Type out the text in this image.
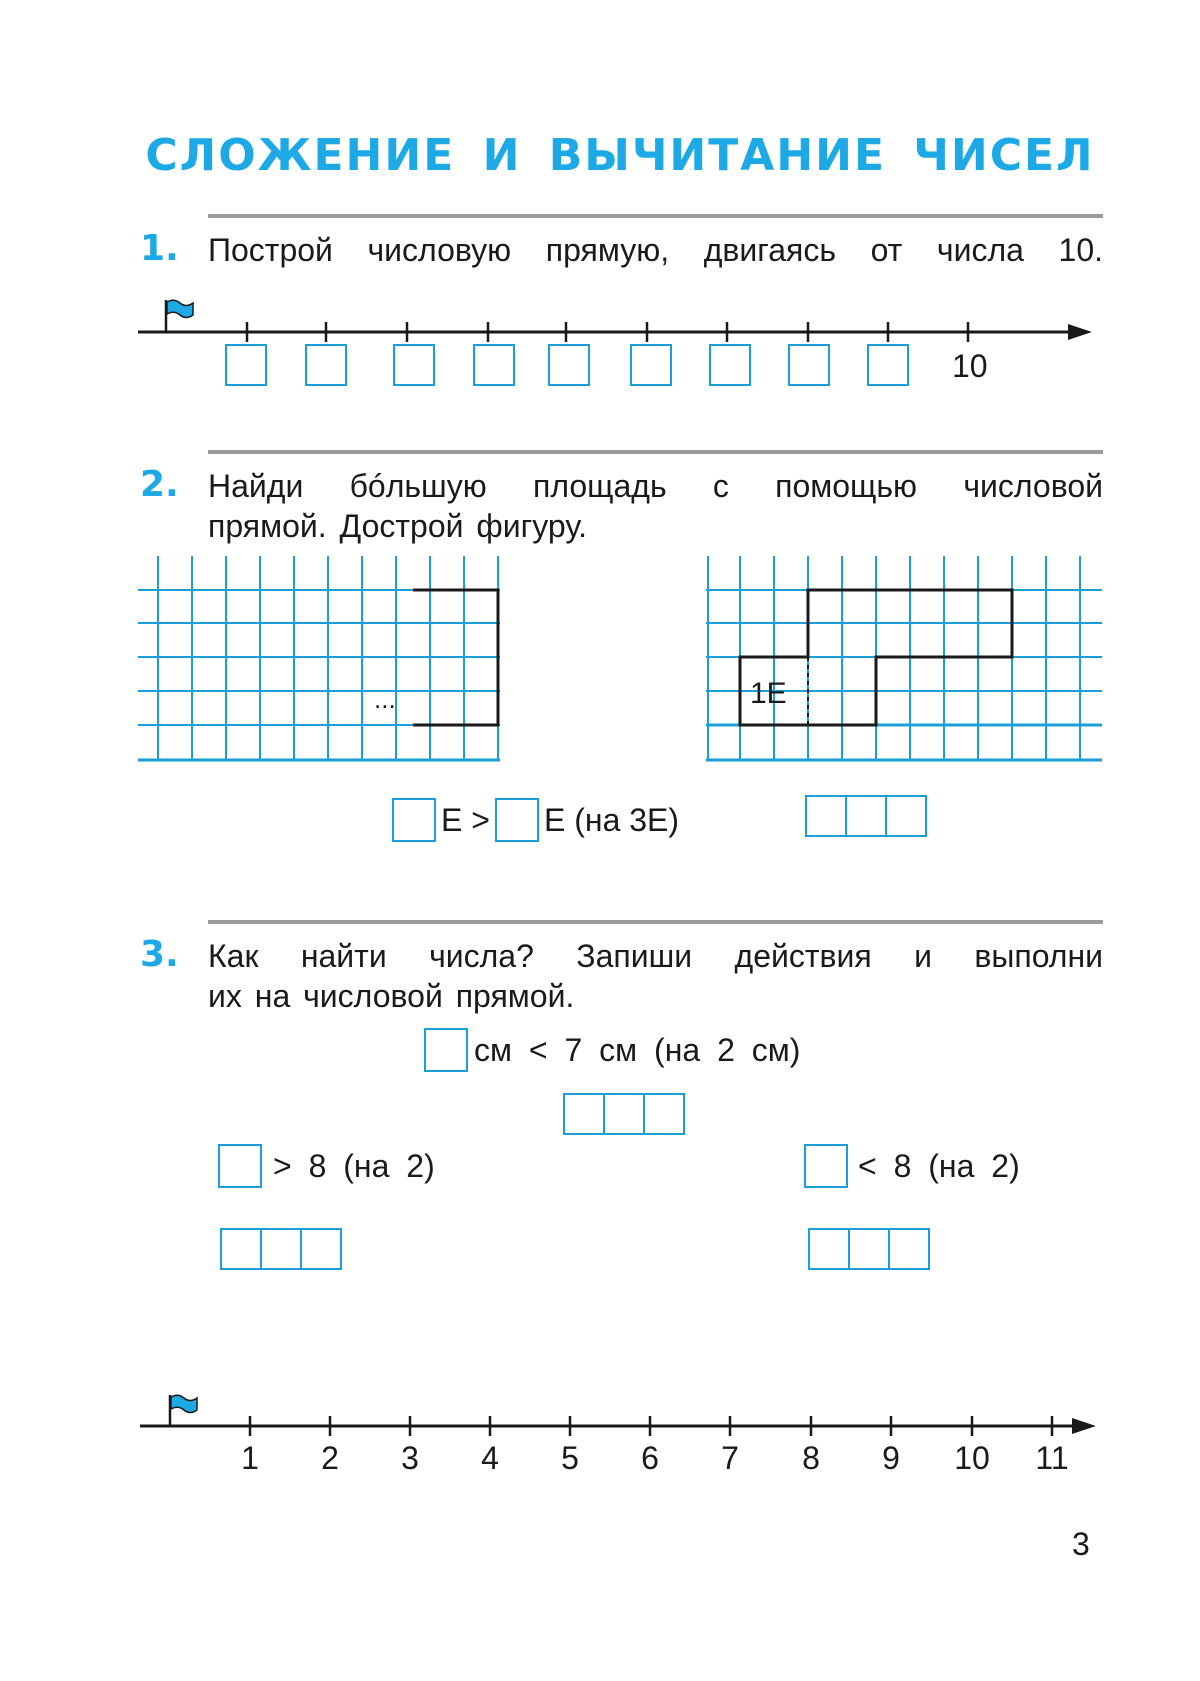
СЛОЖЕНИЕ И ВЫЧИТАНИЕ ЧИСЕЛ
1. Построй числовую прямую, двигаясь от числа 10.
10
2. Найди бóльшую площадь с помощью числовой
прямой. Дострой фигуру.
...	1Е
Е > Е (на 3Е)
3. Как найти числа? Запиши действия и выполни
их на числовой прямой.
см < 7 см (на 2 см)
> 8 (на 2)	< 8 (на 2)
1 2 3 4 5 6 7 8 9 10 11
3
